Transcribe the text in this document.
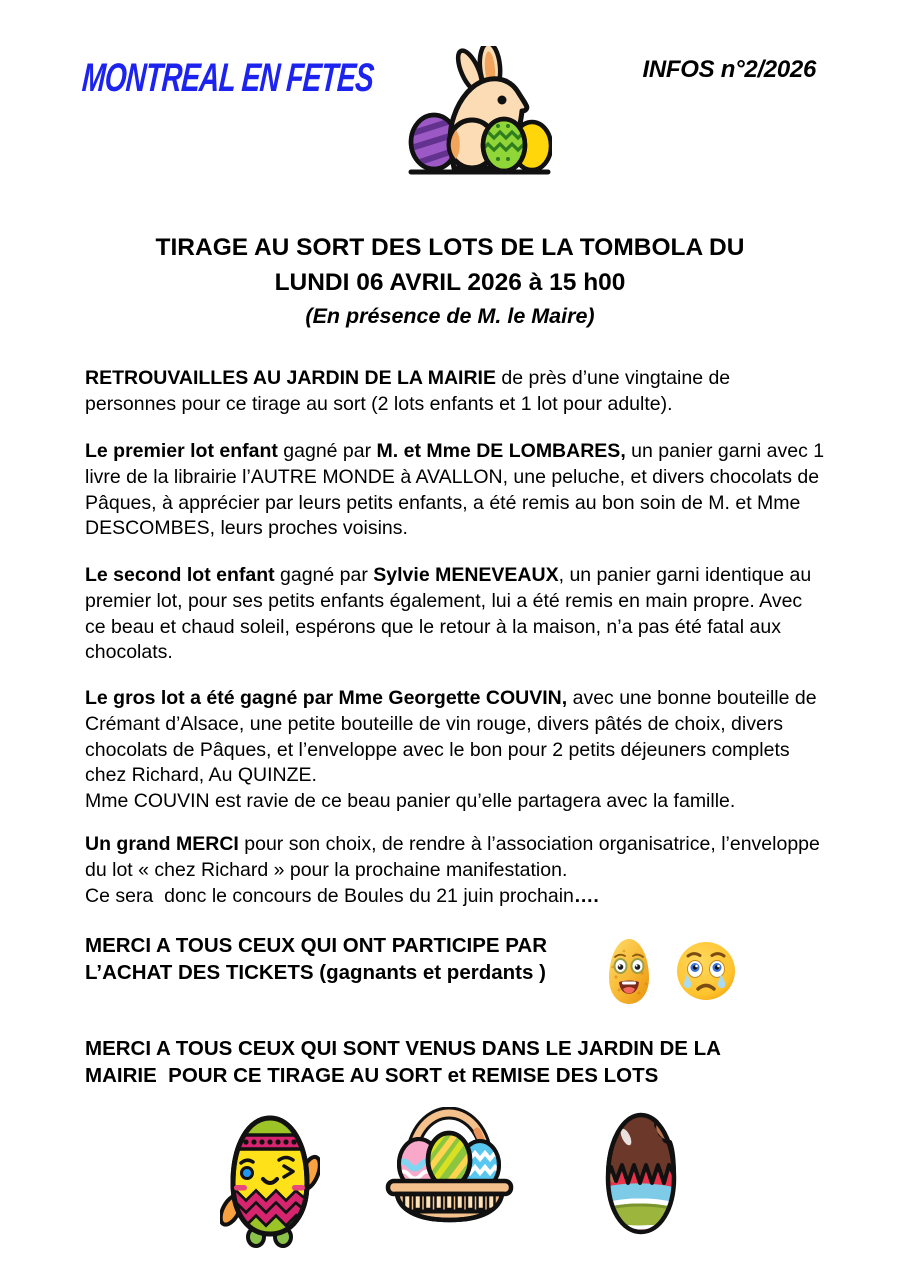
MONTREAL EN FETES	INFOS n°2/2026
TIRAGE AU SORT DES LOTS DE LA TOMBOLA DU
LUNDI 06 AVRIL 2026 à 15 h00
(En présence de M. le Maire)

RETROUVAILLES AU JARDIN DE LA MAIRIE de près d’une vingtaine de personnes pour ce tirage au sort (2 lots enfants et 1 lot pour adulte).

Le premier lot enfant gagné par M. et Mme DE LOMBARES, un panier garni avec 1 livre de la librairie l’AUTRE MONDE à AVALLON, une peluche, et divers chocolats de Pâques, à apprécier par leurs petits enfants, a été remis au bon soin de M. et Mme DESCOMBES, leurs proches voisins.

Le second lot enfant gagné par Sylvie MENEVEAUX, un panier garni identique au premier lot, pour ses petits enfants également, lui a été remis en main propre. Avec ce beau et chaud soleil, espérons que le retour à la maison, n’a pas été fatal aux chocolats.

Le gros lot a été gagné par Mme Georgette COUVIN, avec une bonne bouteille de Crémant d’Alsace, une petite bouteille de vin rouge, divers pâtés de choix, divers chocolats de Pâques, et l’enveloppe avec le bon pour 2 petits déjeuners complets chez Richard, Au QUINZE.
Mme COUVIN est ravie de ce beau panier qu’elle partagera avec la famille.

Un grand MERCI pour son choix, de rendre à l’association organisatrice, l’enveloppe du lot « chez Richard » pour la prochaine manifestation.
Ce sera  donc le concours de Boules du 21 juin prochain….

MERCI A TOUS CEUX QUI ONT PARTICIPE PAR
L’ACHAT DES TICKETS (gagnants et perdants )
MERCI A TOUS CEUX QUI SONT VENUS DANS LE JARDIN DE LA
MAIRIE  POUR CE TIRAGE AU SORT et REMISE DES LOTS
